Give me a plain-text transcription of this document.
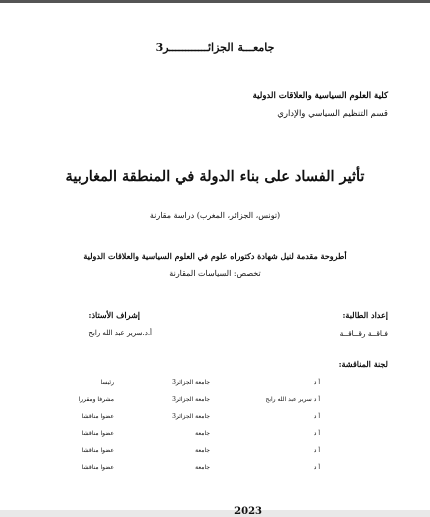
جامعـــة الجزائــــــــــــر3
كلية العلوم السياسية والعلاقات الدولية
قسم التنظيم السياسي والإداري
تأثير الفساد على بناء الدولة في المنطقة المغاربية
(تونس، الجزائر، المغرب) دراسة مقارنة
أطروحة مقدمة لنيل شهادة دكتوراه علوم في العلوم السياسية والعلاقات الدولية
تخصص: السياسات المقارنة
إعداد الطالبة:
فـاقــة رقــاقــة
إشراف الأستاذ:
أ.د.سرير عبد الله رابح
لجنة المناقشة:
أ د
جامعة الجزائر3
رئيسا
أ د سرير عبد الله رابح
جامعة الجزائر3
مشرفا ومقررا
أ د
جامعة الجزائر3
عضوا مناقشا
أ د
جامعة
عضوا مناقشا
أ د
جامعة
عضوا مناقشا
أ د
جامعة
عضوا مناقشا
2023
